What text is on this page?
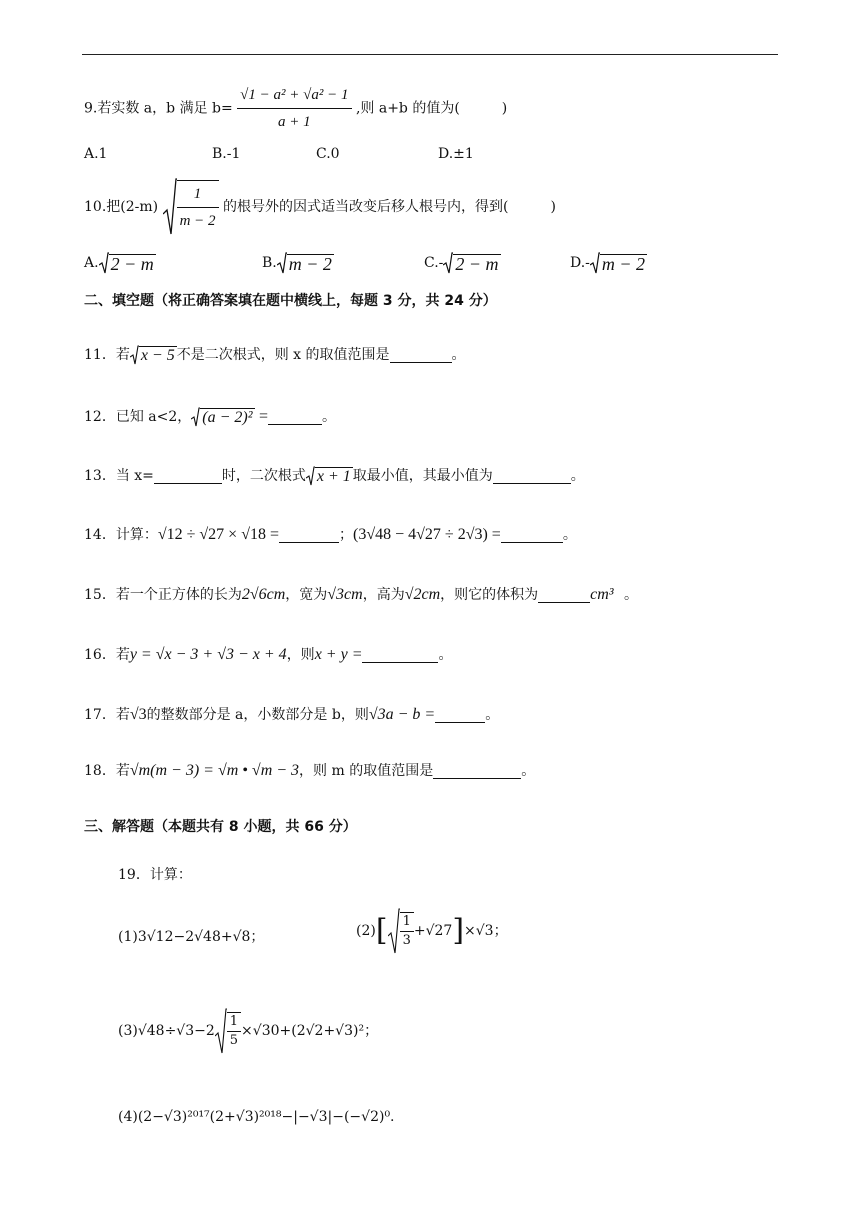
9.若实数 a，b 满足 $b= \frac{\text{√1 − a² + √a² − 1}}{a + 1}$ ,则 a+b 的值为(　　　)
A.1	B.-1	C.0	D.±1
10.把$(2-m) \frac{1}{m - 2}$ 的根号外的因式适当改变后移人根号内，得到(　　　)
A. 2 − m	B. m − 2	C.- 2 − m	D.- m − 2
二、填空题（将正确答案填在题中横线上，每题 3 分，共 24 分）
11．若 x − 5 不是二次根式，则 x 的取值范围是	。
12．已知 a<2， (a − 2)² =	。
13．当 x=	时，二次根式 x + 1 取最小值，其最小值为	。
14．计算：√12 ÷ √27 × √18 =	；(3√48 − 4√27 ÷ 2√3) =	。
15．若一个正方体的长为2√6cm，宽为√3cm，高为√2cm，则它的体积为	cm³ 。
16．若y = √x − 3 + √3 − x + 4，则x + y =	。
17．若√3的整数部分是 a，小数部分是 b，则√3a − b =	。
18．若√m(m − 3) = √m • √m − 3，则 m 的取值范围是	。
三、解答题（本题共有 8 小题，共 66 分）
19．计算：
(1)3√12−2√48+√8；	$(2)[ \frac{1}{3} +√27]\times√3$；
$(3)√48\div√3-2 \frac{1}{5} \times√30+(2√2+√3)^2$；
(4)(2−√3)²⁰¹⁷(2+√3)²⁰¹⁸−|−√3|−(−√2)⁰.
